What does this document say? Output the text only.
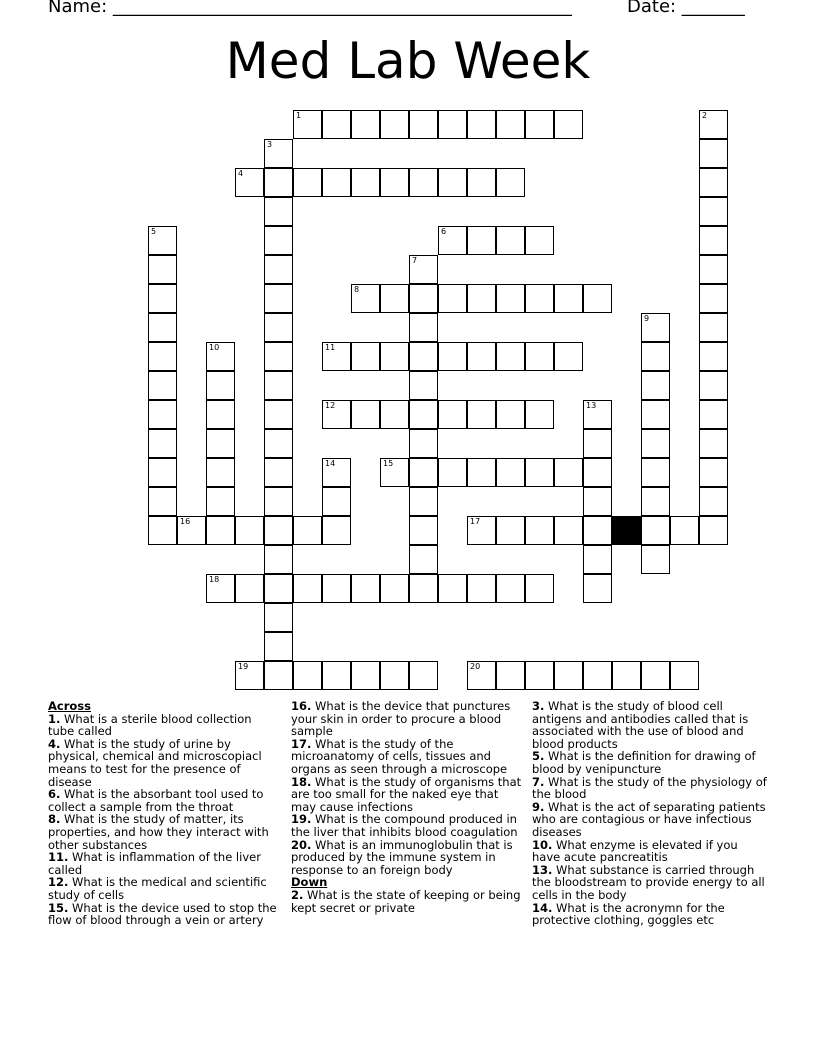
Name: ___________________________________________________	Date: _______
Med Lab Week
1	2
3
4
5	6
7
8
9
10	11
12	13
14	15
16	17
18
19	20
Across
1. What is a sterile blood collection tube called
4. What is the study of urine by physical, chemical and microscopiacl means to test for the presence of disease
6. What is the absorbant tool used to collect a sample from the throat
8. What is the study of matter, its properties, and how they interact with other substances
11. What is inflammation of the liver called
12. What is the medical and scientific study of cells
15. What is the device used to stop the flow of blood through a vein or artery
16. What is the device that punctures your skin in order to procure a blood sample
17. What is the study of the microanatomy of cells, tissues and organs as seen through a microscope
18. What is the study of organisms that are too small for the naked eye that may cause infections
19. What is the compound produced in the liver that inhibits blood coagulation
20. What is an immunoglobulin that is produced by the immune system in response to an foreign body
Down
2. What is the state of keeping or being kept secret or private
3. What is the study of blood cell antigens and antibodies called that is associated with the use of blood and blood products
5. What is the definition for drawing of blood by venipuncture
7. What is the study of the physiology of the blood
9. What is the act of separating patients who are contagious or have infectious diseases
10. What enzyme is elevated if you have acute pancreatitis
13. What substance is carried through the bloodstream to provide energy to all cells in the body
14. What is the acronymn for the protective clothing, goggles etc
